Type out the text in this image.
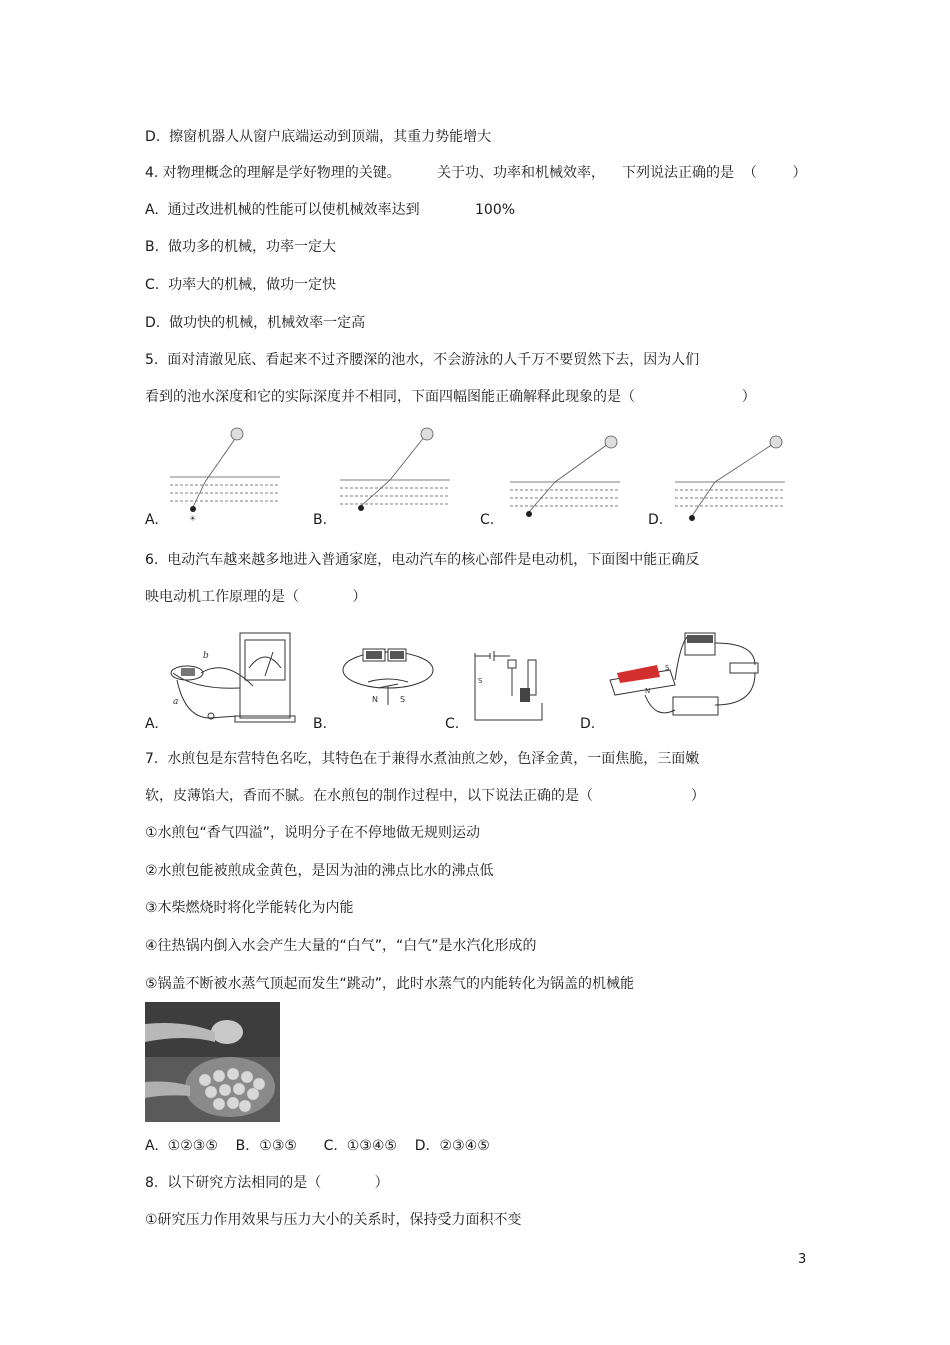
D.  擦窗机器人从窗户底端运动到顶端，其重力势能增大
4. 对物理概念的理解是学好物理的关键。	关于功、功率和机械效率， 下列说法正确的是  （        ）
A.  通过改进机械的性能可以使机械效率达到	100%
B.  做功多的机械，功率一定大
C.  功率大的机械，做功一定快
D.  做功快的机械，机械效率一定高
5.  面对清澈见底、看起来不过齐腰深的池水，不会游泳的人千万不要贸然下去，因为人们
看到的池水深度和它的实际深度并不相同，下面四幅图能正确解释此现象的是（                        ）
☀
A.	B.	C.	D.
6.  电动汽车越来越多地进入普通家庭，电动汽车的核心部件是电动机，下面图中能正确反
映电动机工作原理的是（            ）
b
a
A.
N	S
B.
S
C.
S
N
D.
7.  水煎包是东营特色名吃，其特色在于兼得水煮油煎之妙，色泽金黄，一面焦脆，三面嫩
软，皮薄馅大，香而不腻。在水煎包的制作过程中，以下说法正确的是（                      ）
①水煎包“香气四溢”，说明分子在不停地做无规则运动
②水煎包能被煎成金黄色，是因为油的沸点比水的沸点低
③木柴燃烧时将化学能转化为内能
④往热锅内倒入水会产生大量的“白气”，“白气”是水汽化形成的
⑤锅盖不断被水蒸气顶起而发生“跳动”，此时水蒸气的内能转化为锅盖的机械能
A.  ①②③⑤    B．①③⑤      C.  ①③④⑤    D．②③④⑤
8.  以下研究方法相同的是（            ）
①研究压力作用效果与压力大小的关系时，保持受力面积不变
3
